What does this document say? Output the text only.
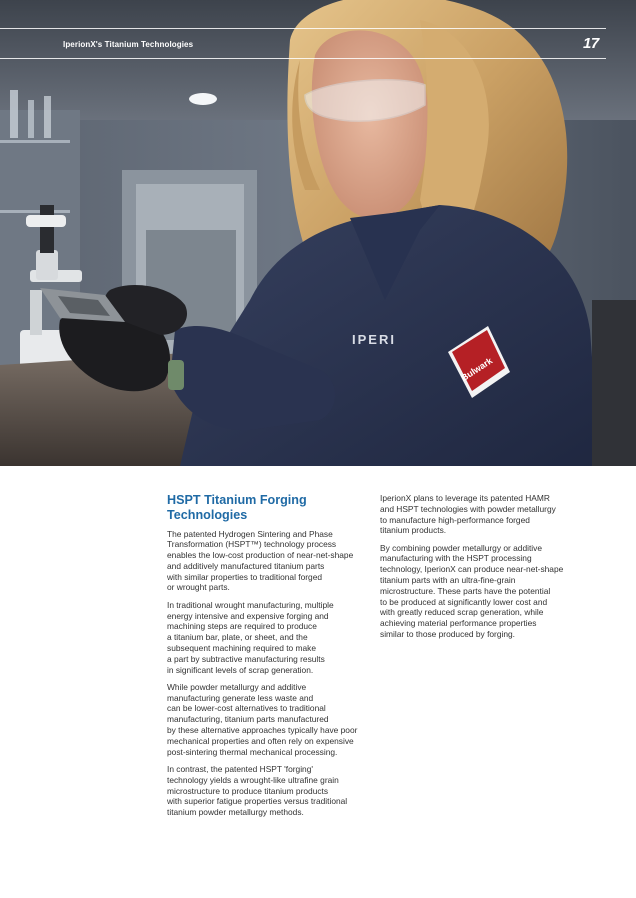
IPERI
Bulwark
IperionX's Titanium Technologies	17
HSPT Titanium Forging
Technologies

The patented Hydrogen Sintering and Phase
Transformation (HSPT™) technology process
enables the low-cost production of near-net-shape
and additively manufactured titanium parts
with similar properties to traditional forged
or wrought parts.

In traditional wrought manufacturing, multiple
energy intensive and expensive forging and
machining steps are required to produce
a titanium bar, plate, or sheet, and the
subsequent machining required to make
a part by subtractive manufacturing results
in significant levels of scrap generation.

While powder metallurgy and additive
manufacturing generate less waste and
can be lower-cost alternatives to traditional
manufacturing, titanium parts manufactured
by these alternative approaches typically have poor
mechanical properties and often rely on expensive
post-sintering thermal mechanical processing.

In contrast, the patented HSPT 'forging'
technology yields a wrought-like ultrafine grain
microstructure to produce titanium products
with superior fatigue properties versus traditional
titanium powder metallurgy methods.

IperionX plans to leverage its patented HAMR
and HSPT technologies with powder metallurgy
to manufacture high-performance forged
titanium products.

By combining powder metallurgy or additive
manufacturing with the HSPT processing
technology, IperionX can produce near-net-shape
titanium parts with an ultra-fine-grain
microstructure. These parts have the potential
to be produced at significantly lower cost and
with greatly reduced scrap generation, while
achieving material performance properties
similar to those produced by forging.
